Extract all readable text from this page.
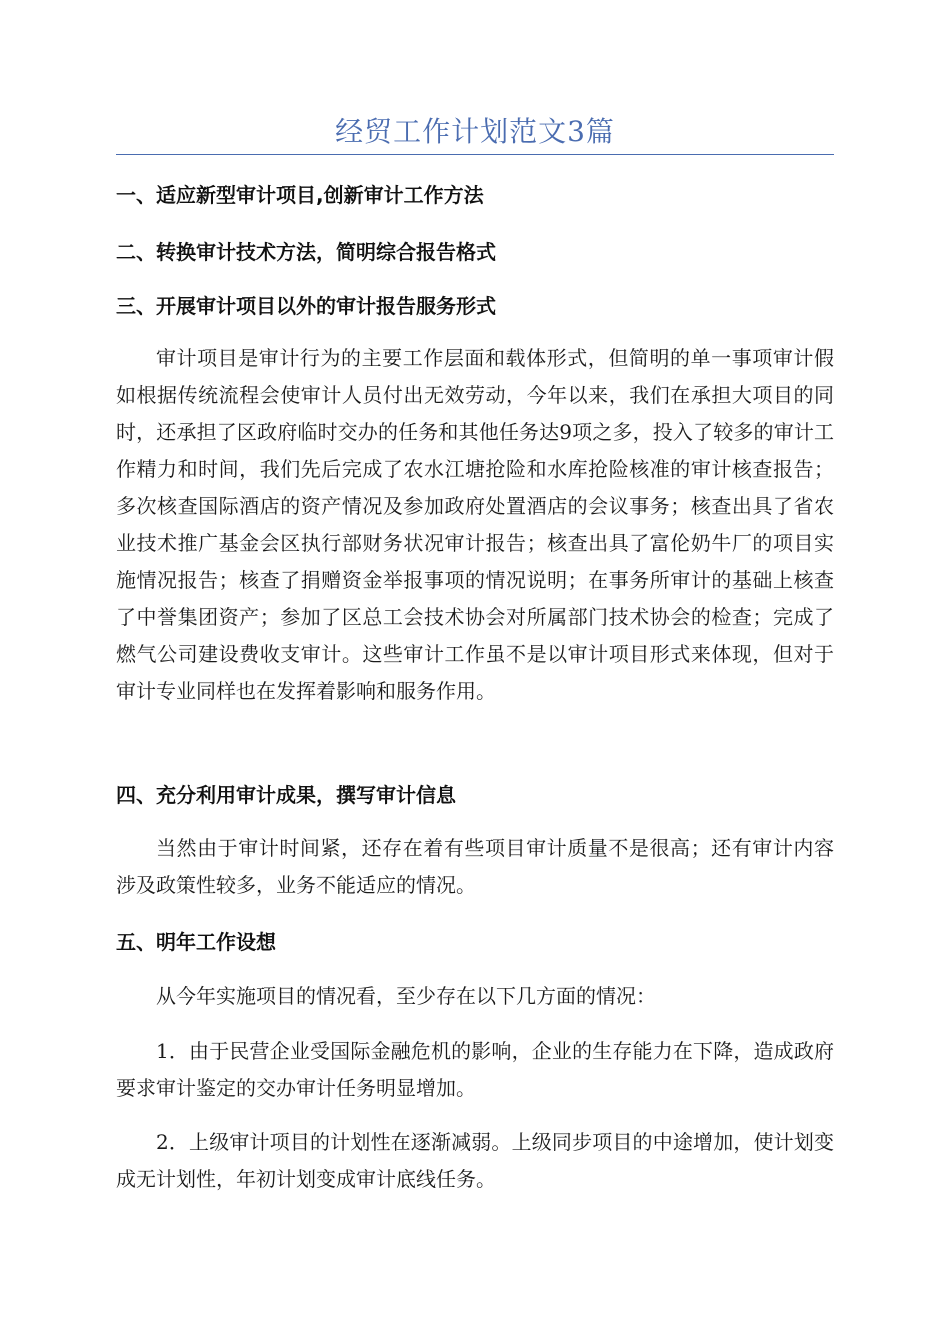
经贸工作计划范文3篇
一、适应新型审计项目,创新审计工作方法
二、转换审计技术方法，简明综合报告格式
三、开展审计项目以外的审计报告服务形式
审计项目是审计行为的主要工作层面和载体形式，但简明的单一事项审计假如根据传统流程会使审计人员付出无效劳动，今年以来，我们在承担大项目的同时，还承担了区政府临时交办的任务和其他任务达9项之多，投入了较多的审计工作精力和时间，我们先后完成了农水江塘抢险和水库抢险核准的审计核查报告；多次核查国际酒店的资产情况及参加政府处置酒店的会议事务；核查出具了省农业技术推广基金会区执行部财务状况审计报告；核查出具了富伦奶牛厂的项目实施情况报告；核查了捐赠资金举报事项的情况说明；在事务所审计的基础上核查了中誉集团资产；参加了区总工会技术协会对所属部门技术协会的检查；完成了燃气公司建设费收支审计。这些审计工作虽不是以审计项目形式来体现，但对于审计专业同样也在发挥着影响和服务作用。
四、充分利用审计成果，撰写审计信息
当然由于审计时间紧，还存在着有些项目审计质量不是很高；还有审计内容涉及政策性较多，业务不能适应的情况。
五、明年工作设想
从今年实施项目的情况看，至少存在以下几方面的情况：
1．由于民营企业受国际金融危机的影响，企业的生存能力在下降，造成政府要求审计鉴定的交办审计任务明显增加。
2．上级审计项目的计划性在逐渐减弱。上级同步项目的中途增加，使计划变成无计划性，年初计划变成审计底线任务。
